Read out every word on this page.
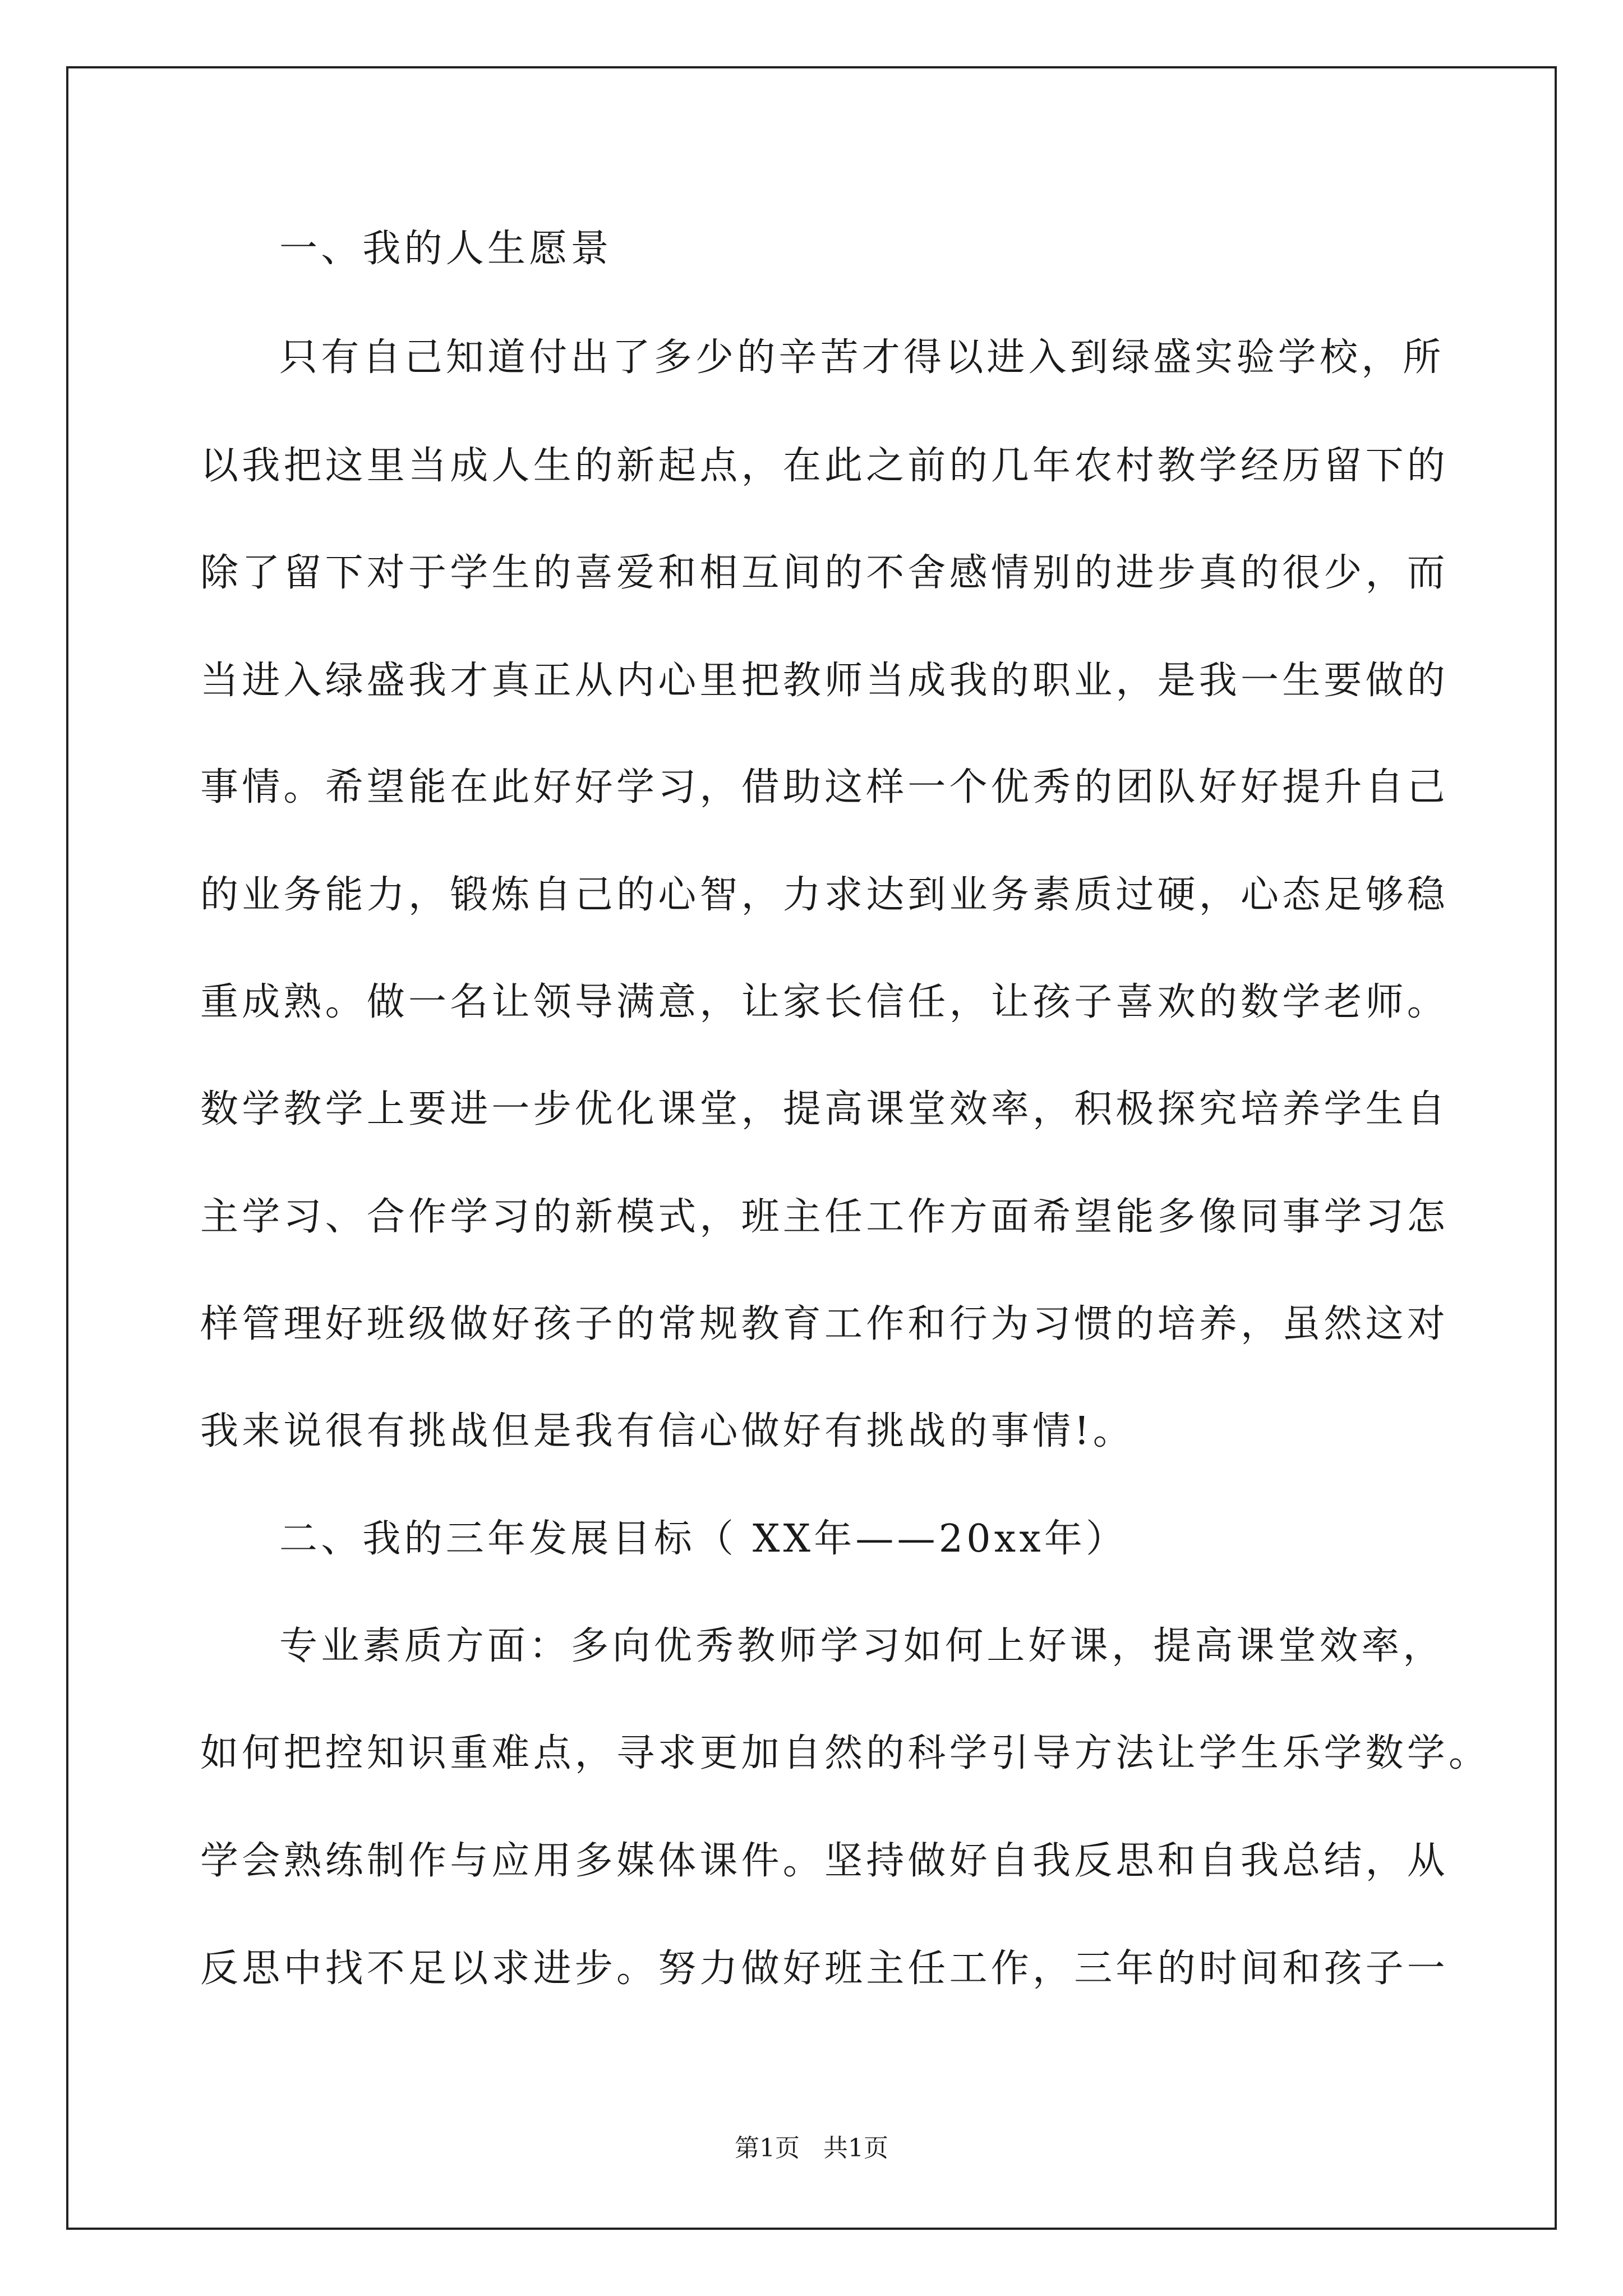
一、我的人生愿景

只有自己知道付出了多少的辛苦才得以进入到绿盛实验学校，所

以我把这里当成人生的新起点，在此之前的几年农村教学经历留下的

除了留下对于学生的喜爱和相互间的不舍感情别的进步真的很少，而

当进入绿盛我才真正从内心里把教师当成我的职业，是我一生要做的

事情。希望能在此好好学习，借助这样一个优秀的团队好好提升自己

的业务能力，锻炼自己的心智，力求达到业务素质过硬，心态足够稳

重成熟。做一名让领导满意，让家长信任，让孩子喜欢的数学老师。

数学教学上要进一步优化课堂，提高课堂效率，积极探究培养学生自

主学习、合作学习的新模式，班主任工作方面希望能多像同事学习怎

样管理好班级做好孩子的常规教育工作和行为习惯的培养，虽然这对

我来说很有挑战但是我有信心做好有挑战的事情!。

二、我的三年发展目标（ XX年——20xx年）

专业素质方面：多向优秀教师学习如何上好课，提高课堂效率，

如何把控知识重难点，寻求更加自然的科学引导方法让学生乐学数学。

学会熟练制作与应用多媒体课件。坚持做好自我反思和自我总结，从

反思中找不足以求进步。努力做好班主任工作，三年的时间和孩子一

第1页   共1页
